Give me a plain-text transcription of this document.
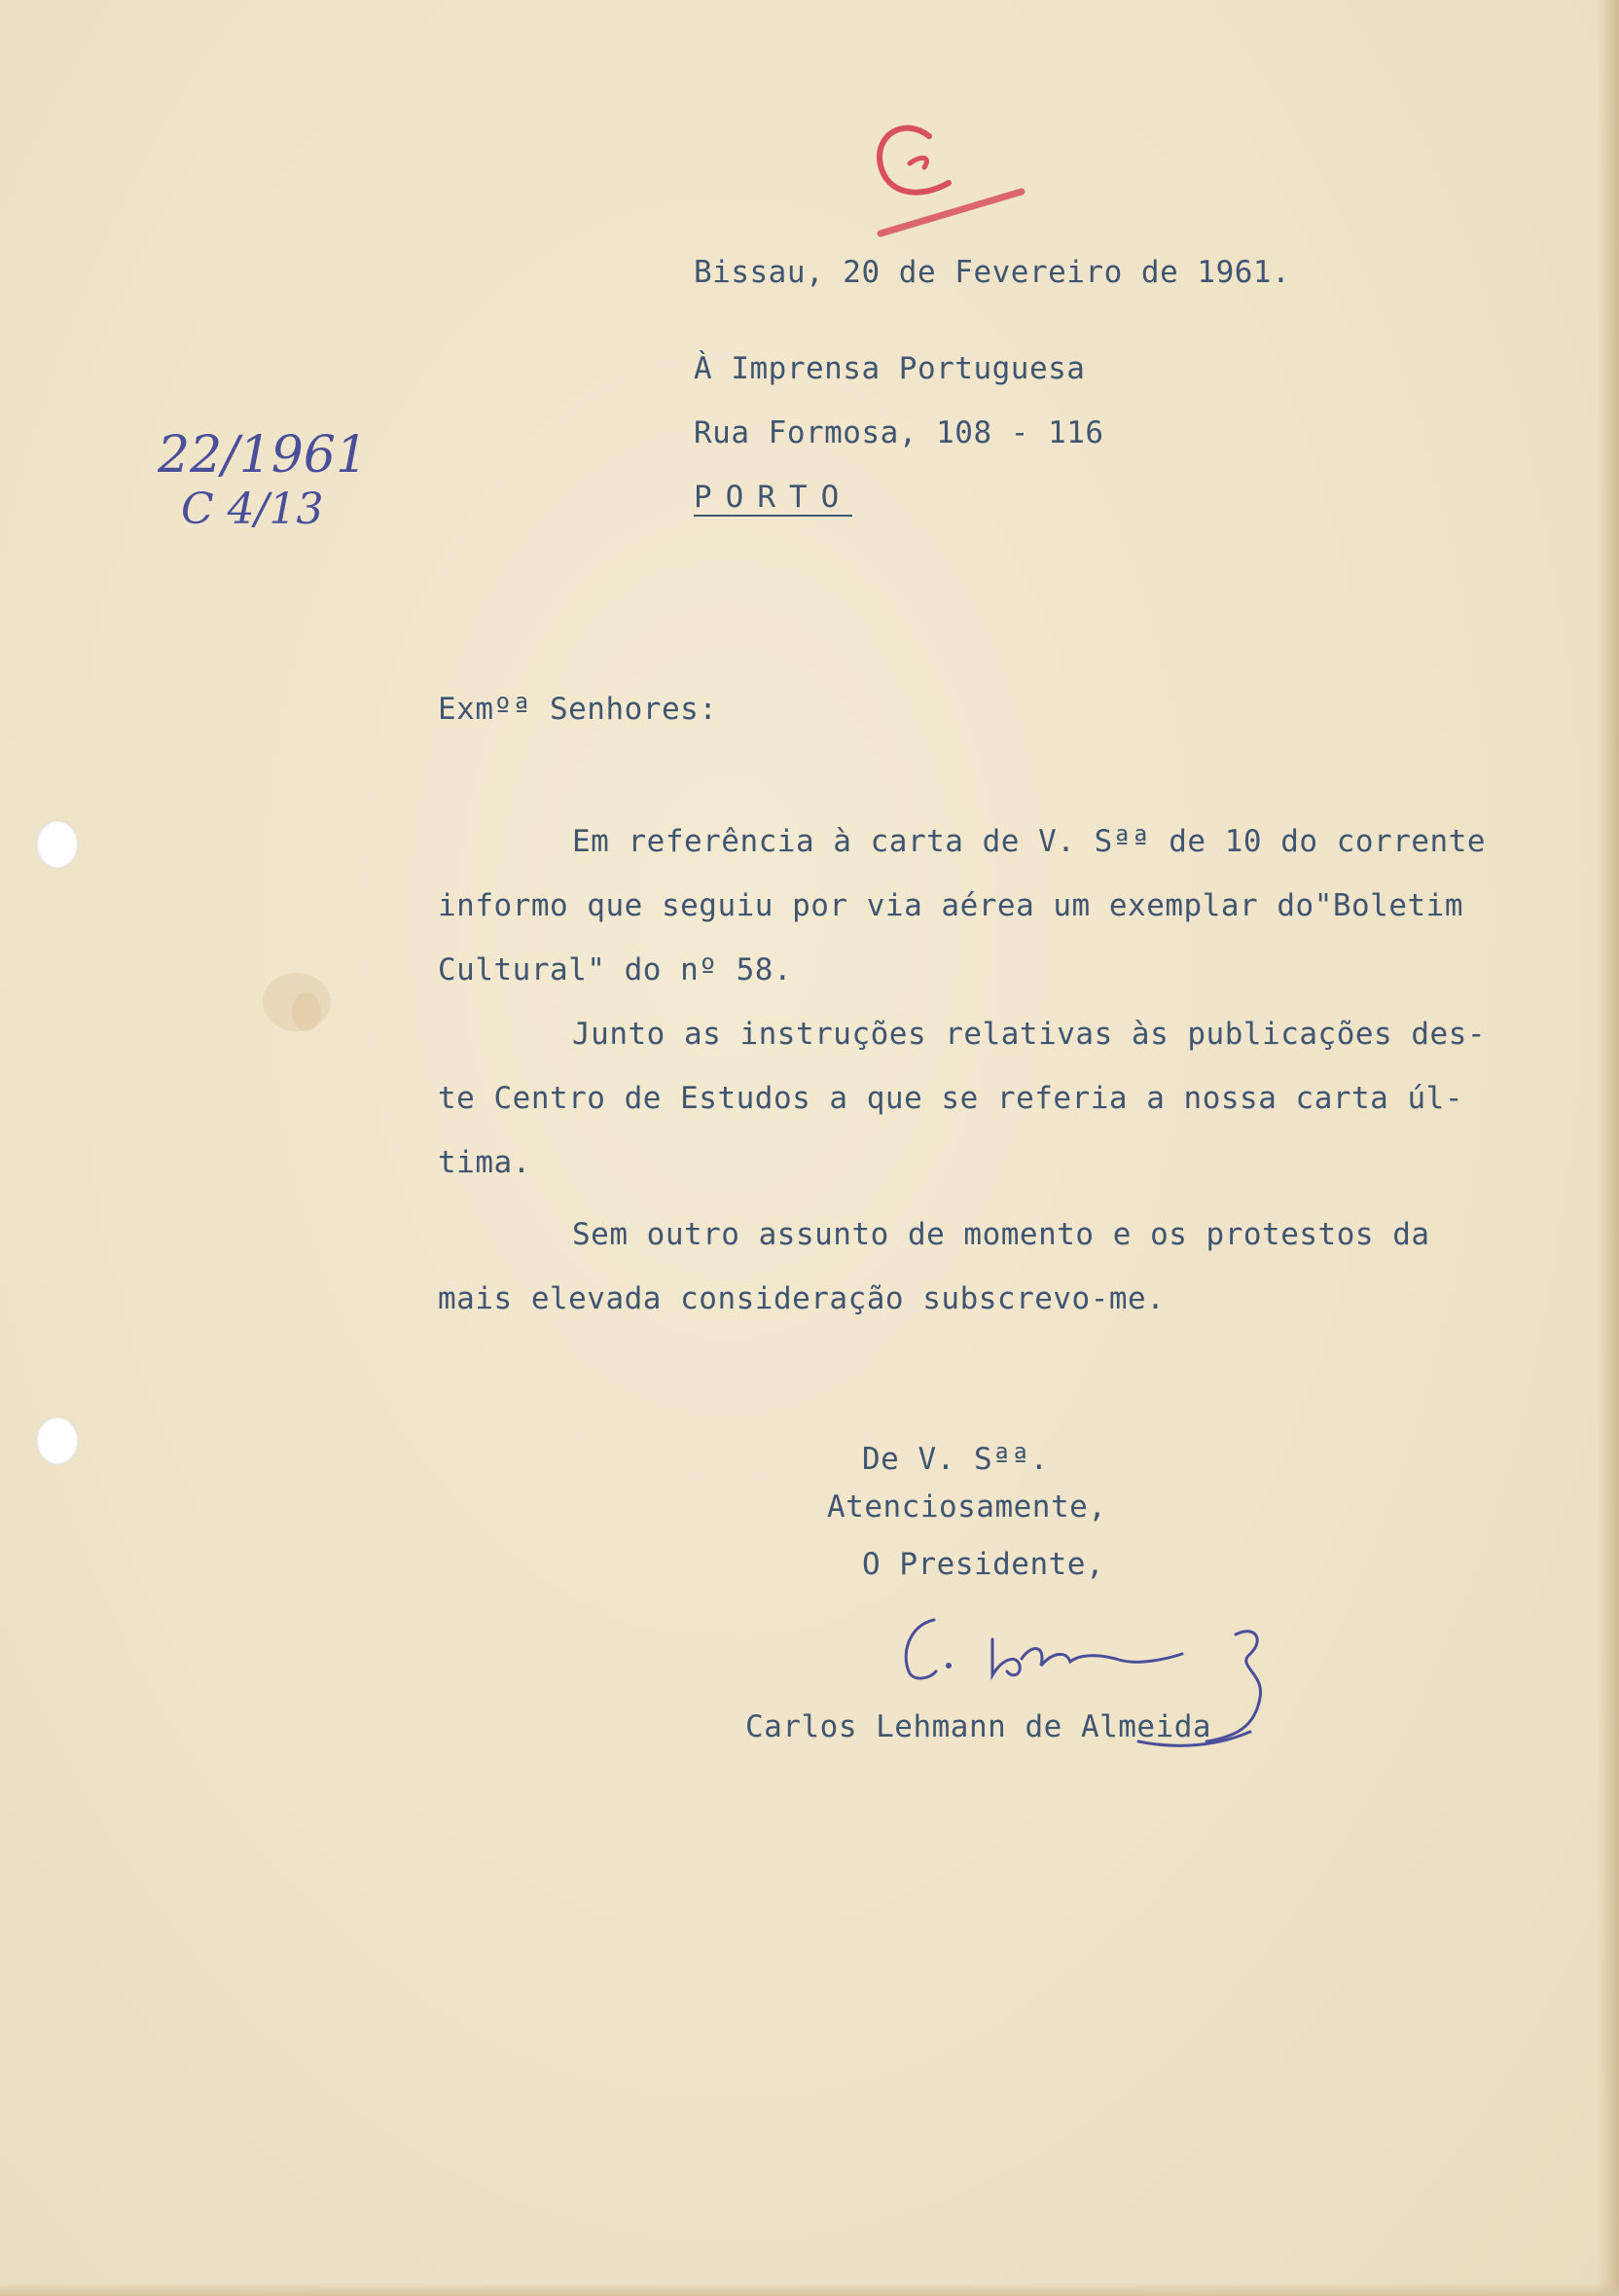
22/1961
C 4/13
Bissau, 20 de Fevereiro de 1961.
À Imprensa Portuguesa
Rua Formosa, 108 - 116
PORTO
Exmºª Senhores:
Em referência à carta de V. Sªª de 10 do corrente
informo que seguiu por via aérea um exemplar do"Boletim
Cultural" do nº 58.
Junto as instruções relativas às publicações des-
te Centro de Estudos a que se referia a nossa carta úl-
tima.
Sem outro assunto de momento e os protestos da
mais elevada consideração subscrevo-me.
De V. Sªª.
Atenciosamente,
O Presidente,
Carlos Lehmann de Almeida
